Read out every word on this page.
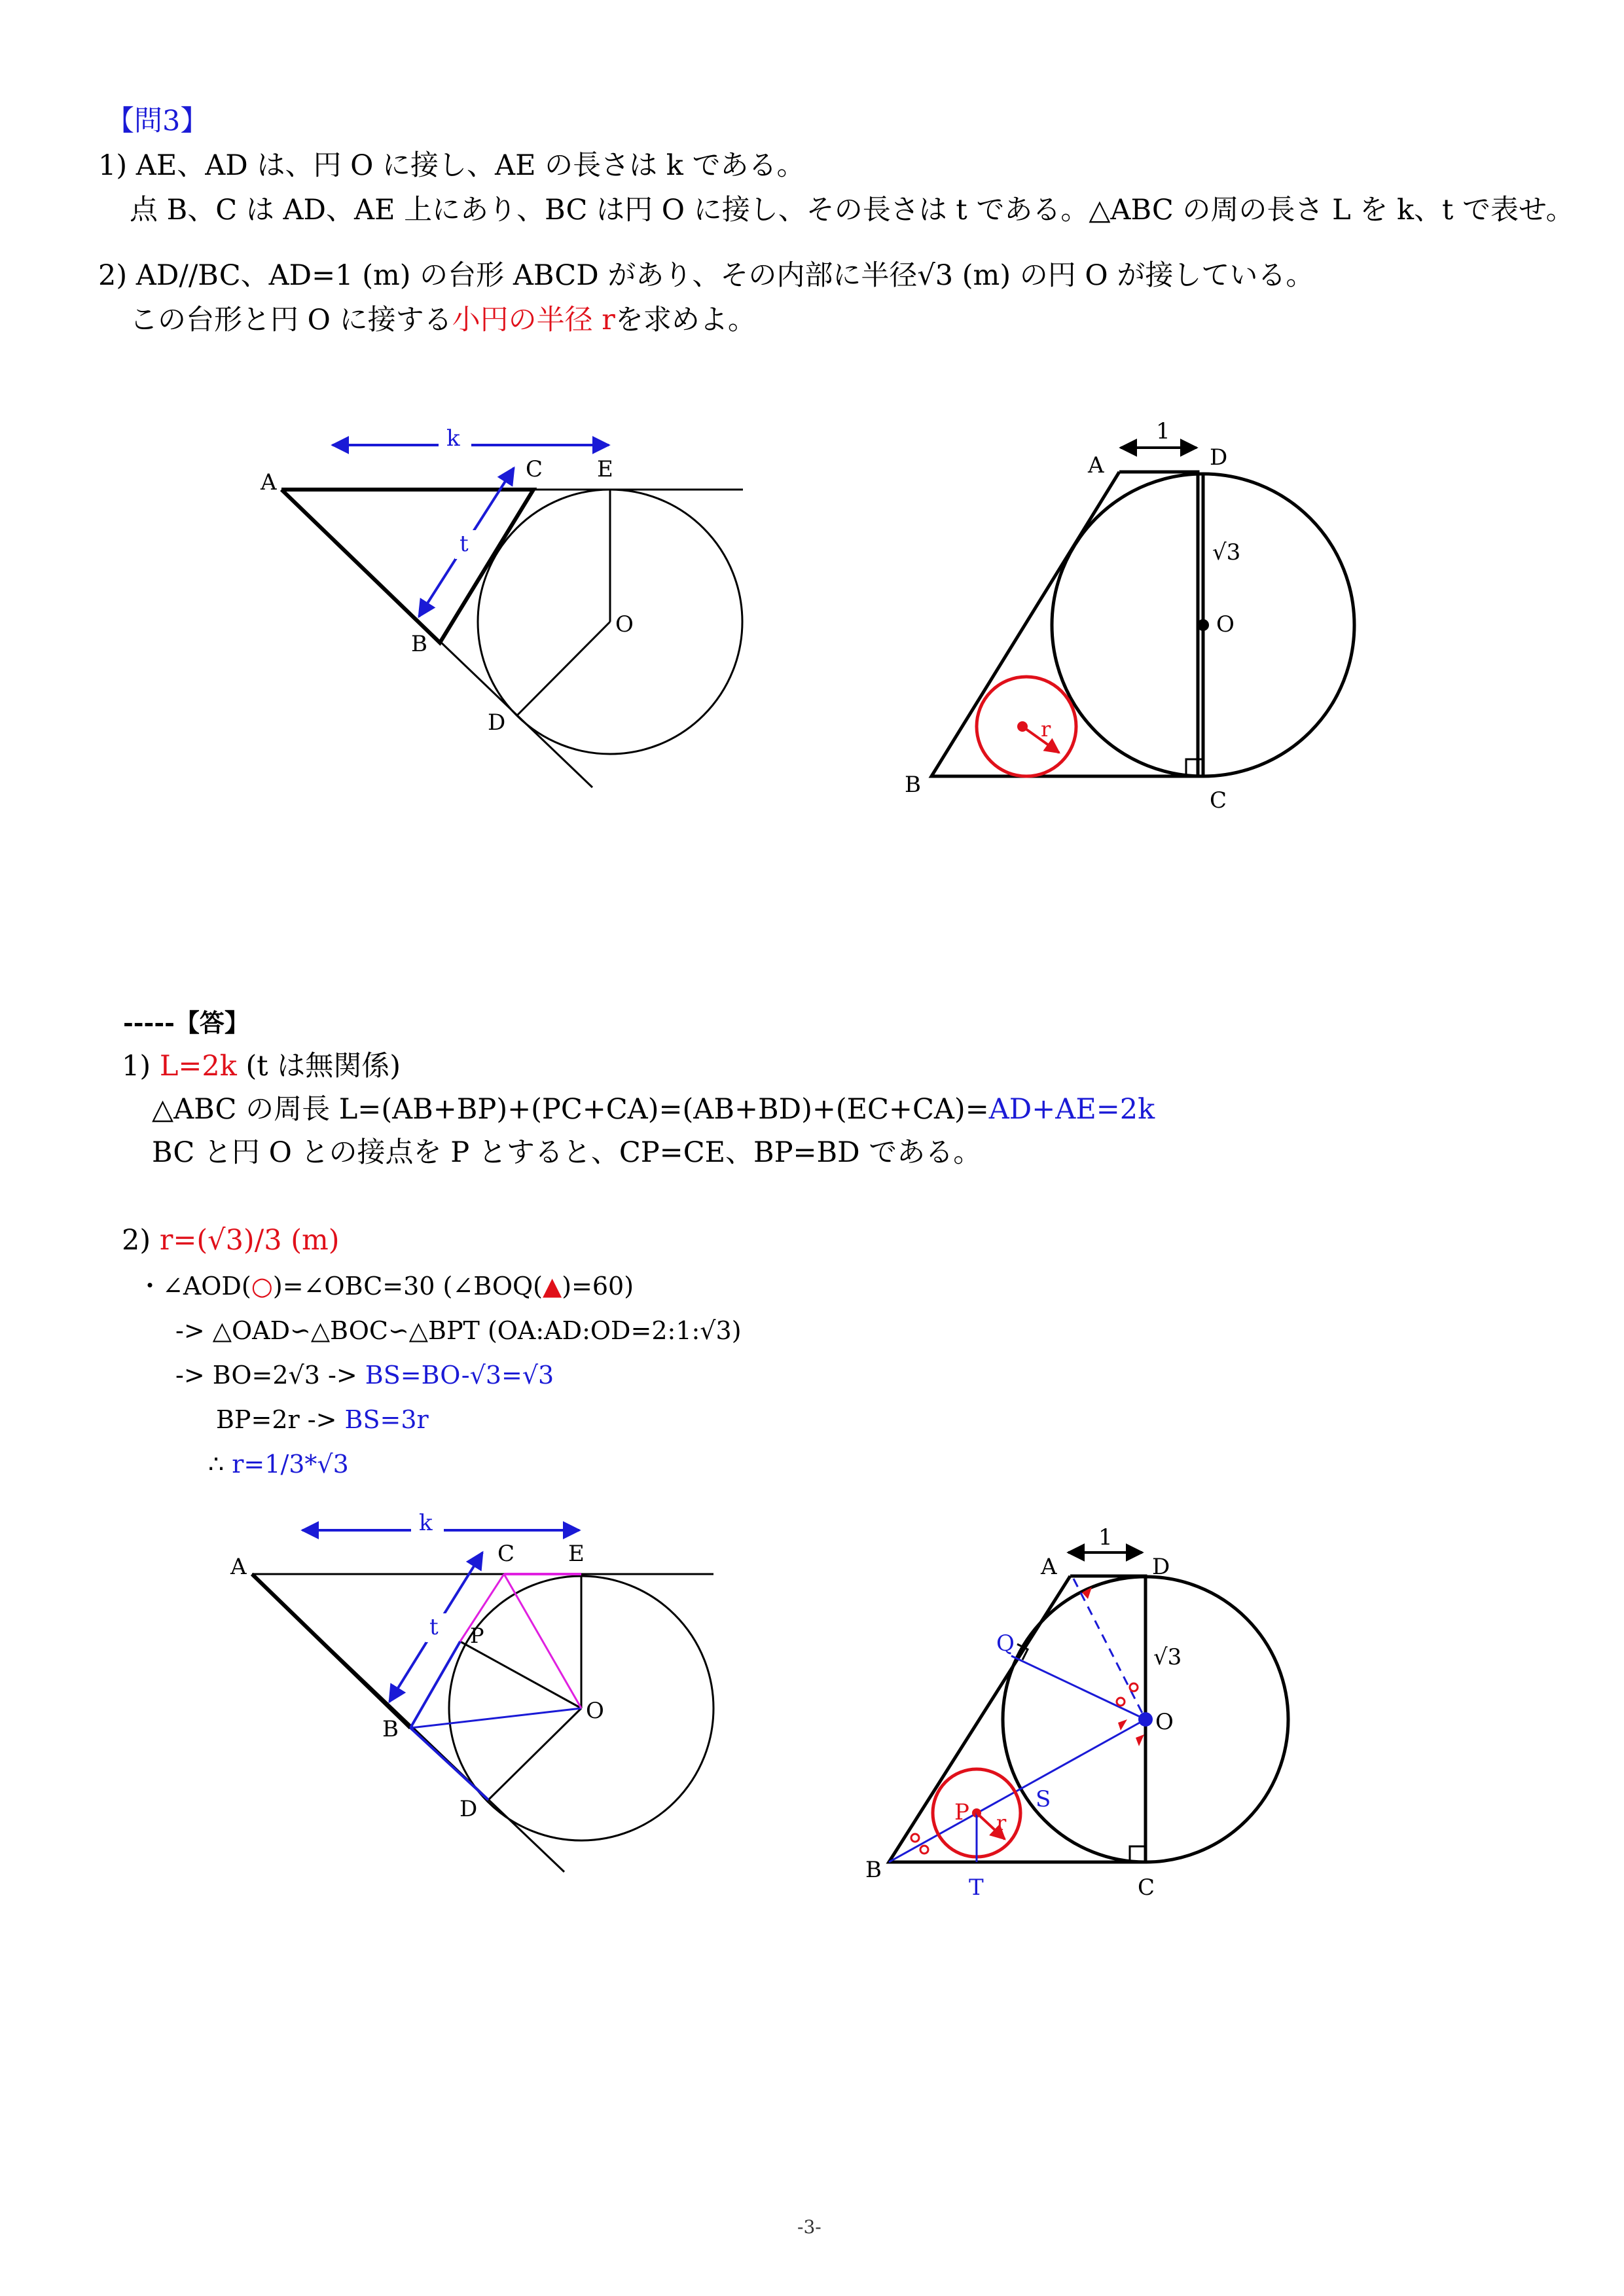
【問3】
1) AE、AD は、円 O に接し、AE の長さは k である。
点 B、C は AD、AE 上にあり、BC は円 O に接し、その長さは t である。△ABC の周の長さ L を k、t で表せ。
2) AD//BC、AD=1 (m) の台形 ABCD があり、その内部に半径√3 (m) の円 O が接している。
この台形と円 O に接する小円の半径 rを求めよ。
A
B
C
D
E
O
k
t
A
B
C
D
O
1
√3
r
A
B
C
D
E
O
P
k
t
A
B
C
D
O
P
Q
S
T
1
√3
r
-----【答】
1) L=2k (t は無関係)
△ABC の周長 L=(AB+BP)+(PC+CA)=(AB+BD)+(EC+CA)=AD+AE=2k
BC と円 O との接点を P とすると、CP=CE、BP=BD である。
2) r=(√3)/3 (m)
・∠AOD(○)=∠OBC=30 (∠BOQ(▲)=60)
-> △OAD∽△BOC∽△BPT (OA:AD:OD=2:1:√3)
-> BO=2√3 -> BS=BO-√3=√3
BP=2r -> BS=3r
∴ r=1/3*√3
-3-
